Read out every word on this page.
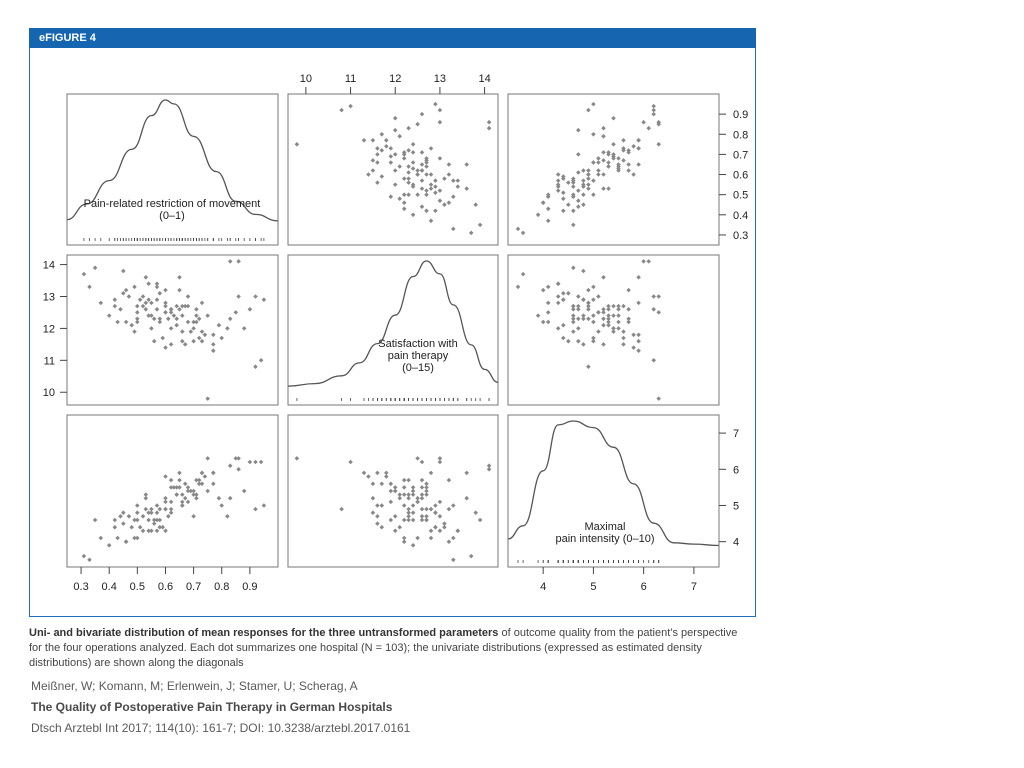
eFIGURE 4
Pain-related restriction of movement
(0–1)
Satisfaction with
pain therapy
(0–15)
Maximal
pain intensity (0–10)
0.3
0.3
0.4
0.4
0.5
0.5
0.6
0.6
0.7
0.7
0.8
0.8
0.9
0.9
10
10
11
11
12
12
13
13
14
14
4
4
5
5
6
6
7
7
Uni- and bivariate distribution of mean responses for the three untransformed parameters of outcome quality from the patient’s perspective for the four operations analyzed. Each dot summarizes one hospital (N = 103); the univariate distributions (expressed as estimated density distributions) are shown along the diagonals
Meißner, W; Komann, M; Erlenwein, J; Stamer, U; Scherag, A
The Quality of Postoperative Pain Therapy in German Hospitals
Dtsch Arztebl Int 2017; 114(10): 161-7; DOI: 10.3238/arztebl.2017.0161
